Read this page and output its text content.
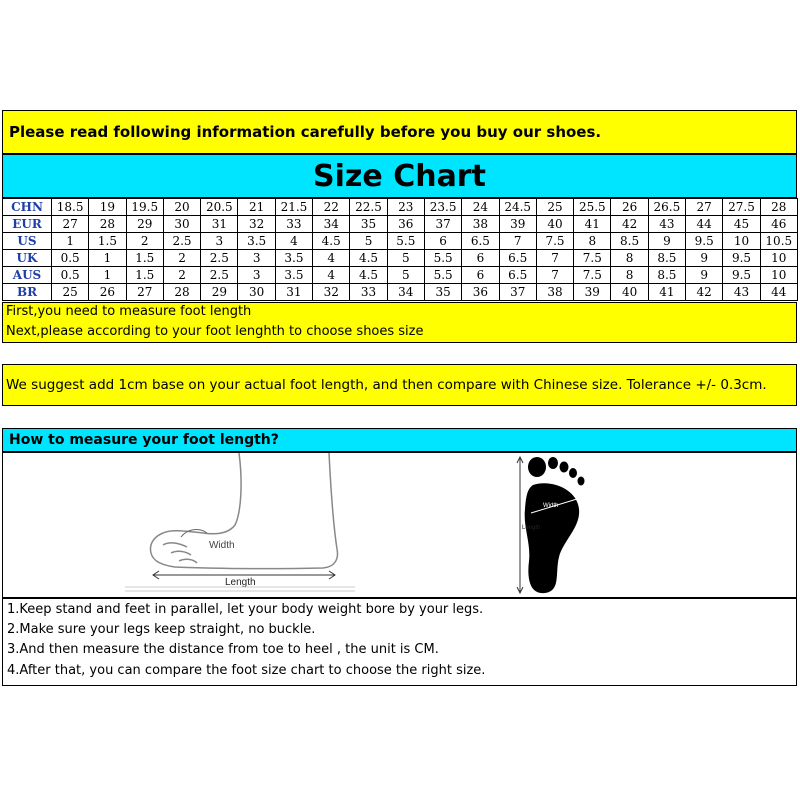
Please read following information carefully before you buy our shoes.
Size Chart
CHN	18.5	19	19.5	20	20.5	21	21.5	22	22.5	23	23.5	24	24.5	25	25.5	26	26.5	27	27.5	28
EUR	27	28	29	30	31	32	33	34	35	36	37	38	39	40	41	42	43	44	45	46
US	1	1.5	2	2.5	3	3.5	4	4.5	5	5.5	6	6.5	7	7.5	8	8.5	9	9.5	10	10.5
UK	0.5	1	1.5	2	2.5	3	3.5	4	4.5	5	5.5	6	6.5	7	7.5	8	8.5	9	9.5	10
AUS	0.5	1	1.5	2	2.5	3	3.5	4	4.5	5	5.5	6	6.5	7	7.5	8	8.5	9	9.5	10
BR	25	26	27	28	29	30	31	32	33	34	35	36	37	38	39	40	41	42	43	44
First,you need to measure foot length
Next,please according to your foot lenghth to choose shoes size
We suggest add 1cm base on your actual foot length, and then compare with Chinese size. Tolerance +/- 0.3cm.
How to measure your foot length?
Width
Length
Length
Width
1.Keep stand and feet in parallel, let your body weight bore by your legs.
2.Make sure your legs keep straight, no buckle.
3.And then measure the distance from toe to heel , the unit is CM.
4.After that, you can compare the foot size chart to choose the right size.
